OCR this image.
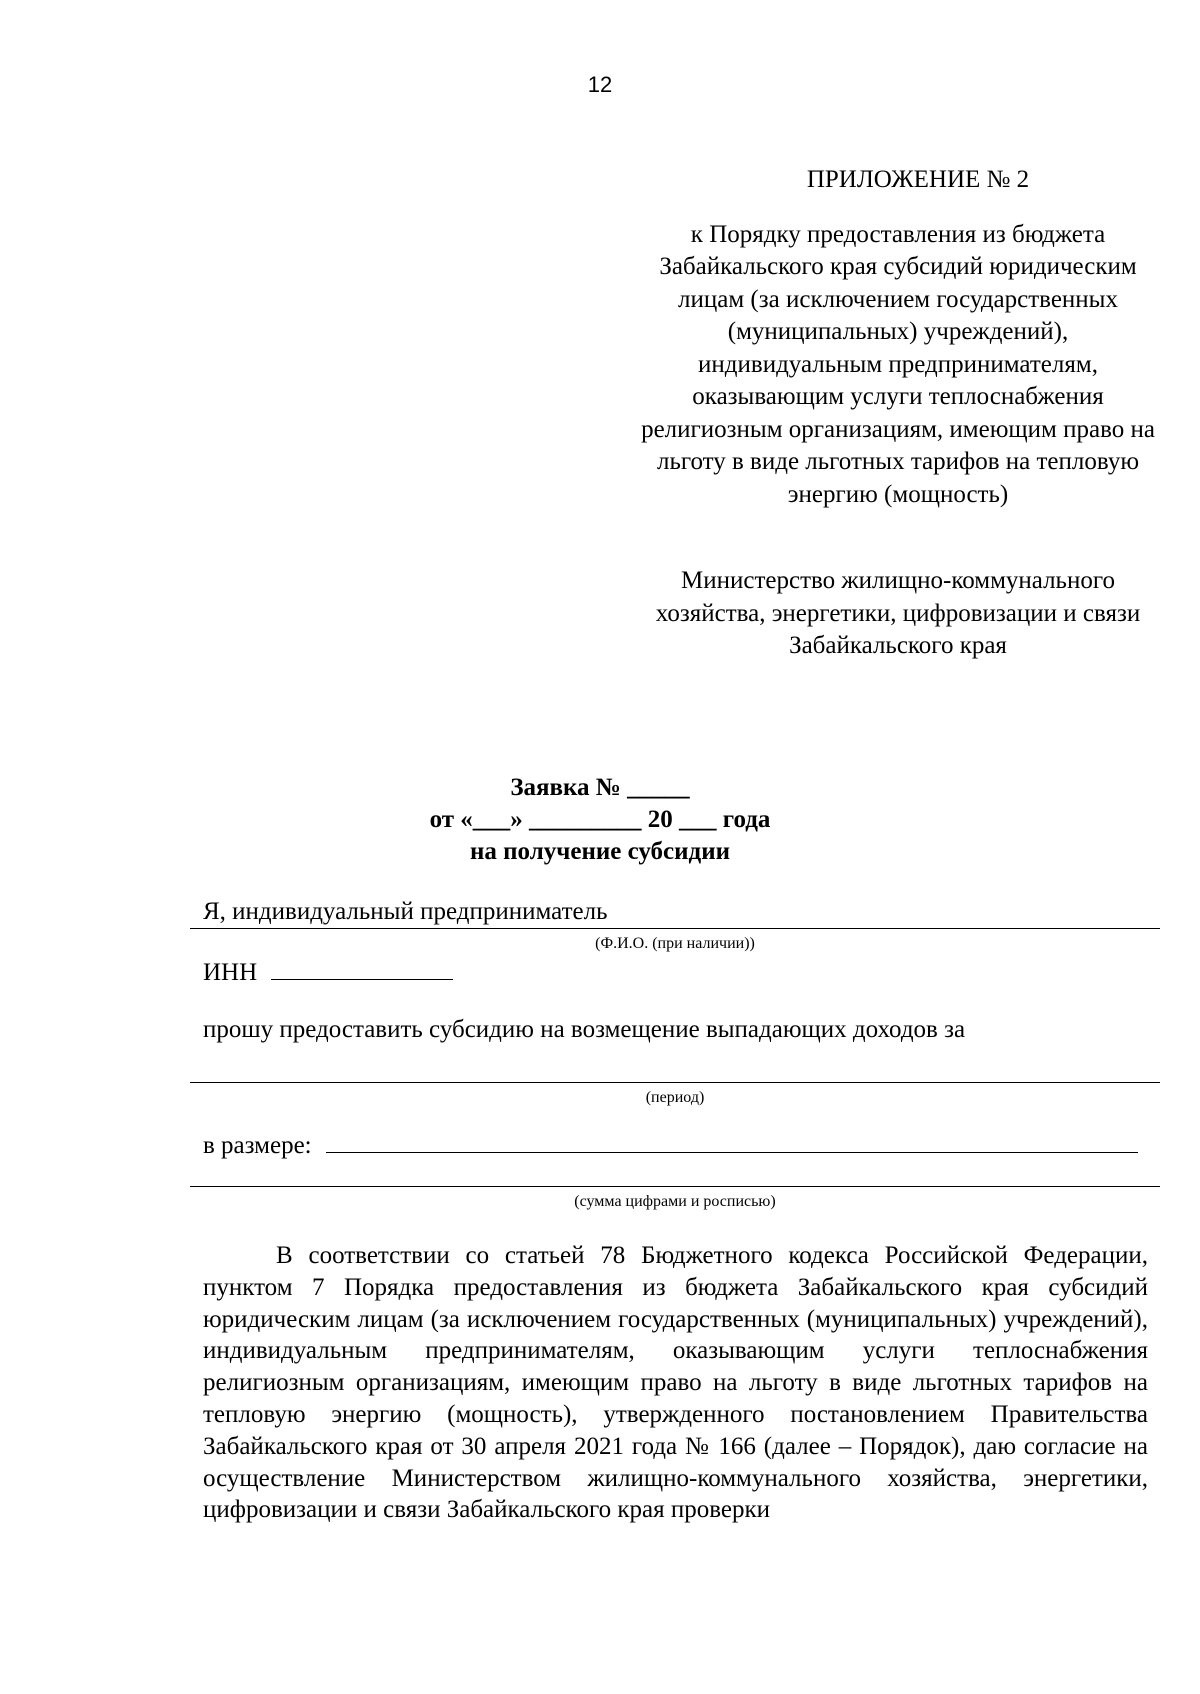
12

ПРИЛОЖЕНИЕ № 2

к Порядку предоставления из бюджета Забайкальского края субсидий юридическим лицам (за исключением государственных (муниципальных) учреждений), индивидуальным предпринимателям, оказывающим услуги теплоснабжения религиозным организациям, имеющим право на льготу в виде льготных тарифов на тепловую энергию (мощность)

Министерство жилищно-коммунального хозяйства, энергетики, цифровизации и связи Забайкальского края
Заявка № _____
от «___» _________ 20 ___ года
на получение субсидии
Я, индивидуальный предприниматель
(Ф.И.О. (при наличии))
ИНН
прошу предоставить субсидию на возмещение выпадающих доходов за
(период)
в размере:
(сумма цифрами и росписью)

В соответствии со статьей 78 Бюджетного кодекса Российской Федерации, пунктом 7 Порядка предоставления из бюджета Забайкальского края субсидий юридическим лицам (за исключением государственных (муниципальных) учреждений), индивидуальным предпринимателям, оказывающим услуги теплоснабжения религиозным организациям, имеющим право на льготу в виде льготных тарифов на тепловую энергию (мощность), утвержденного постановлением Правительства Забайкальского края от 30 апреля 2021 года № 166 (далее – Порядок), даю согласие на осуществление Министерством жилищно-коммунального хозяйства, энергетики, цифровизации и связи Забайкальского края проверки
